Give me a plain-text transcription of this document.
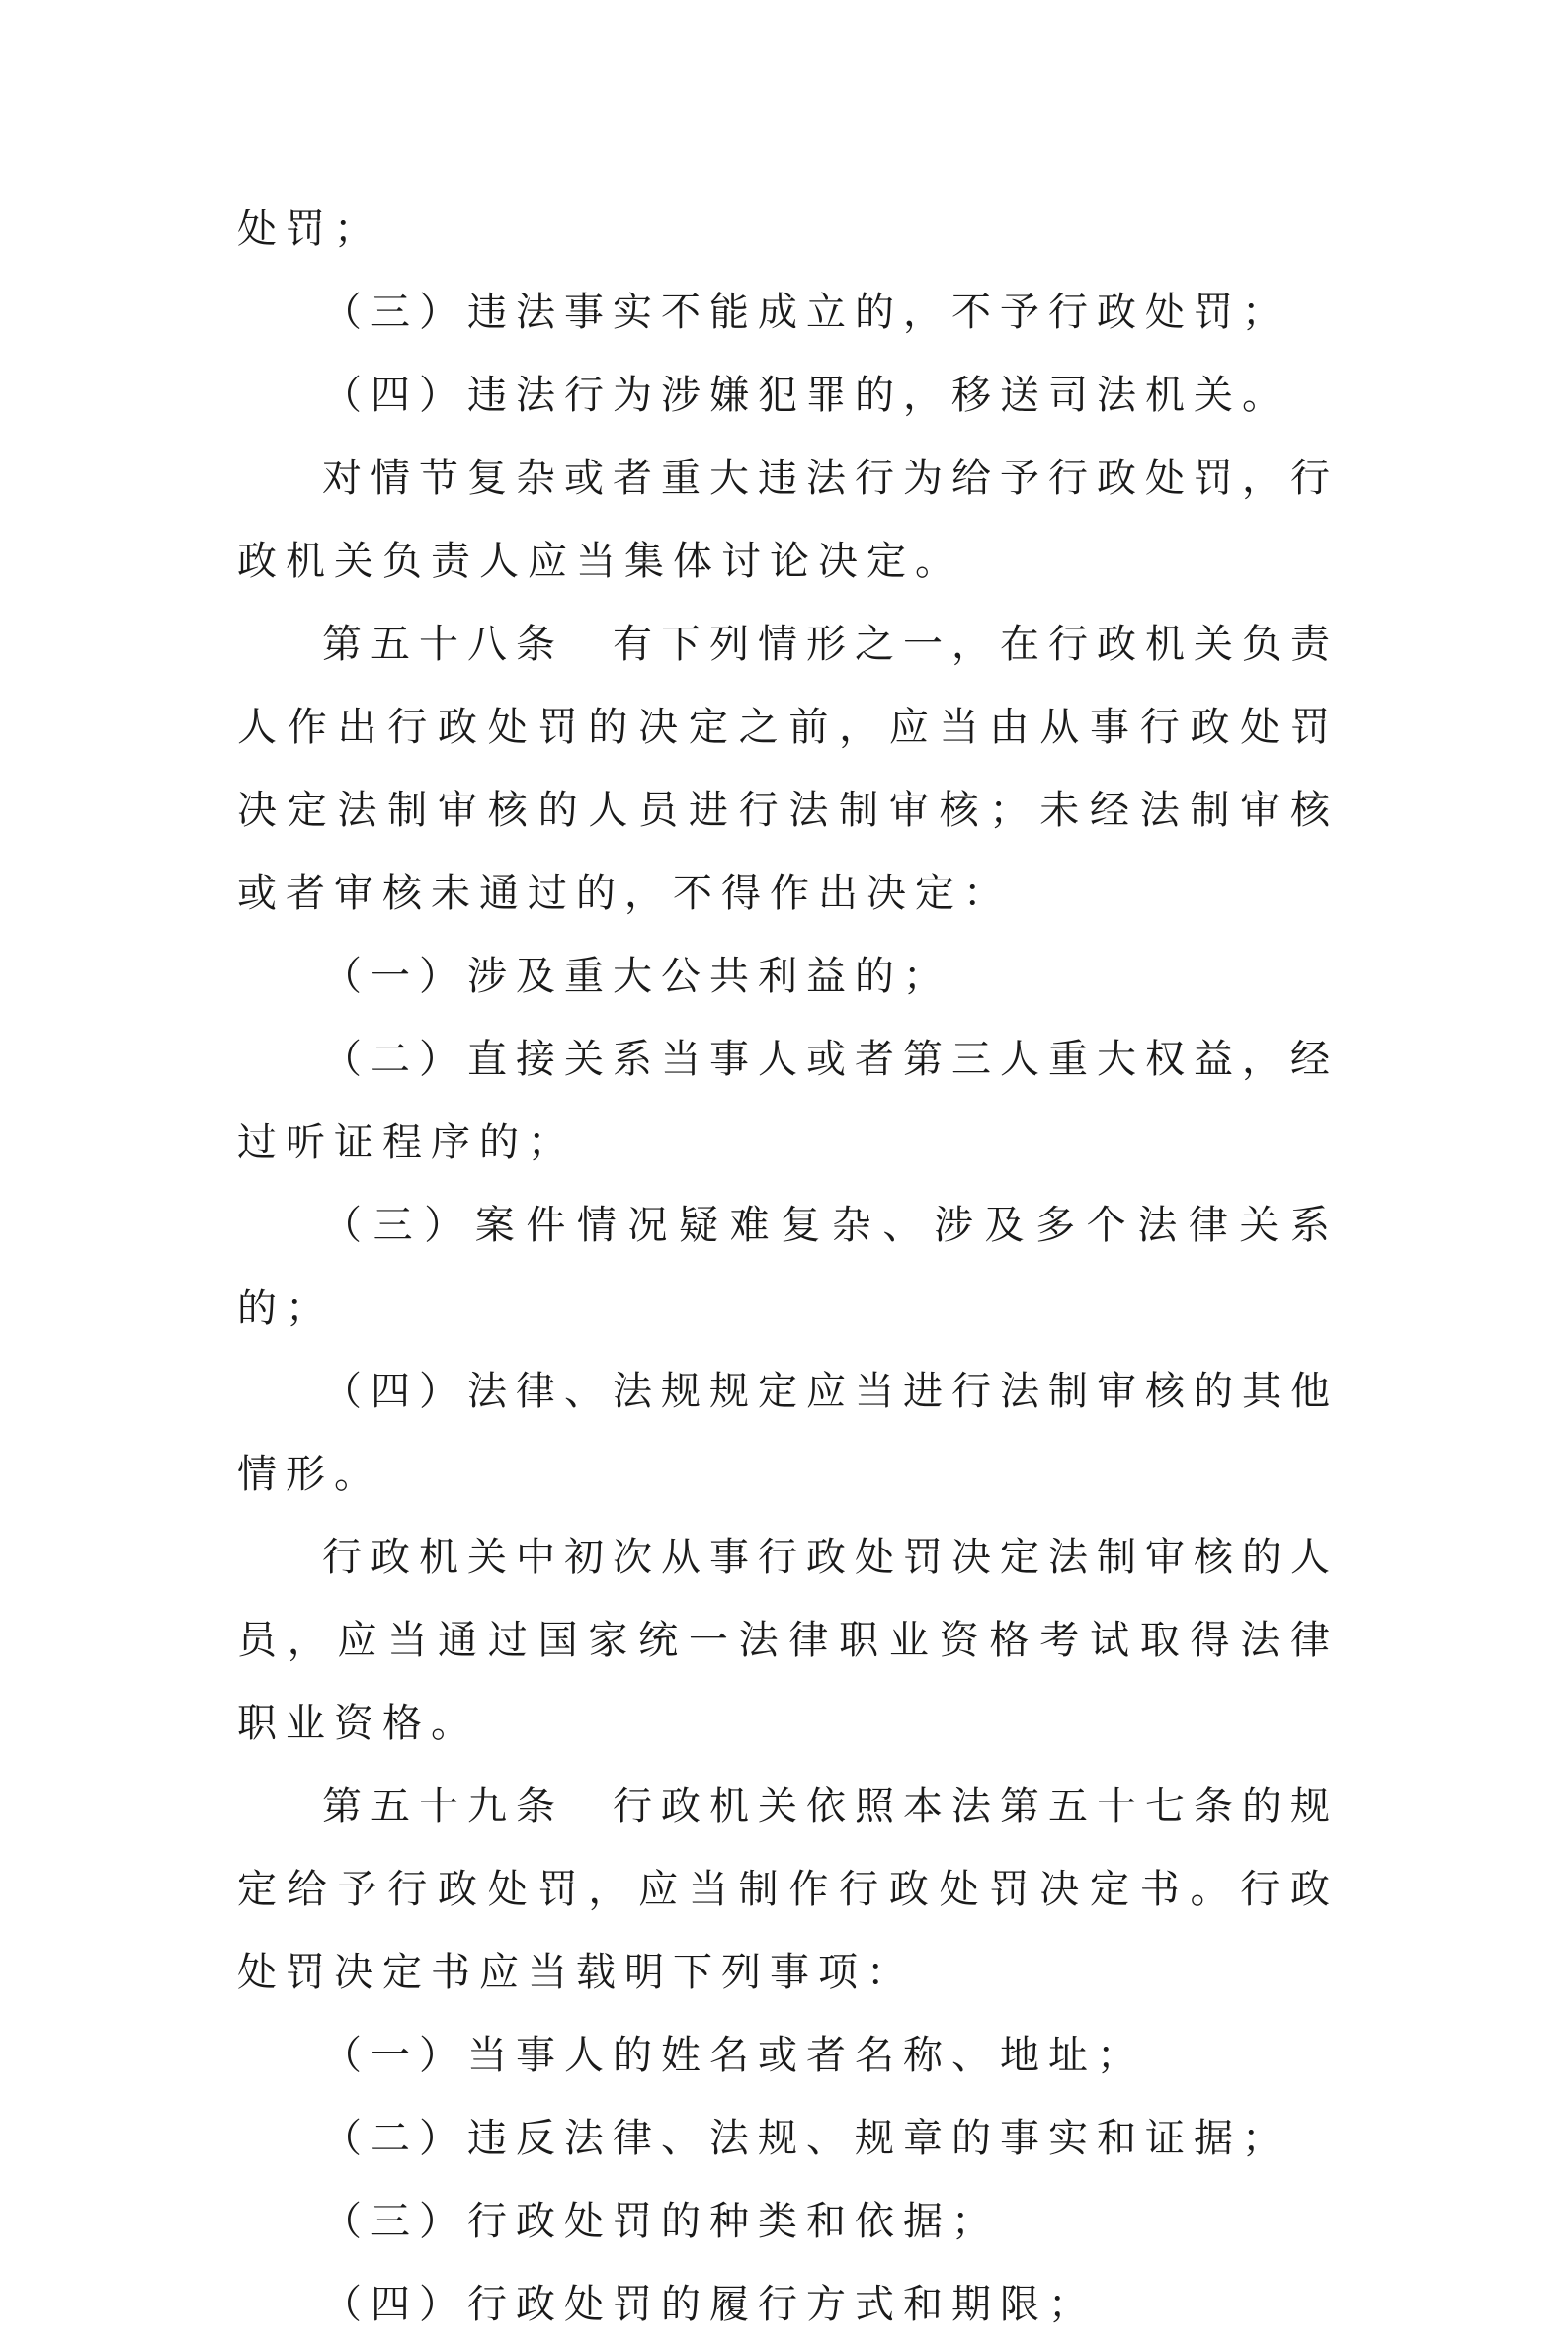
处罚；

（三）违法事实不能成立的，不予行政处罚；

（四）违法行为涉嫌犯罪的，移送司法机关。

对情节复杂或者重大违法行为给予行政处罚，行政机关负责人应当集体讨论决定。

第五十八条　有下列情形之一，在行政机关负责人作出行政处罚的决定之前，应当由从事行政处罚决定法制审核的人员进行法制审核；未经法制审核或者审核未通过的，不得作出决定：

（一）涉及重大公共利益的；

（二）直接关系当事人或者第三人重大权益，经过听证程序的；

（三）案件情况疑难复杂、涉及多个法律关系的；

（四）法律、法规规定应当进行法制审核的其他情形。

行政机关中初次从事行政处罚决定法制审核的人员，应当通过国家统一法律职业资格考试取得法律职业资格。

第五十九条　行政机关依照本法第五十七条的规定给予行政处罚，应当制作行政处罚决定书。行政处罚决定书应当载明下列事项：

（一）当事人的姓名或者名称、地址；

（二）违反法律、法规、规章的事实和证据；

（三）行政处罚的种类和依据；

（四）行政处罚的履行方式和期限；
